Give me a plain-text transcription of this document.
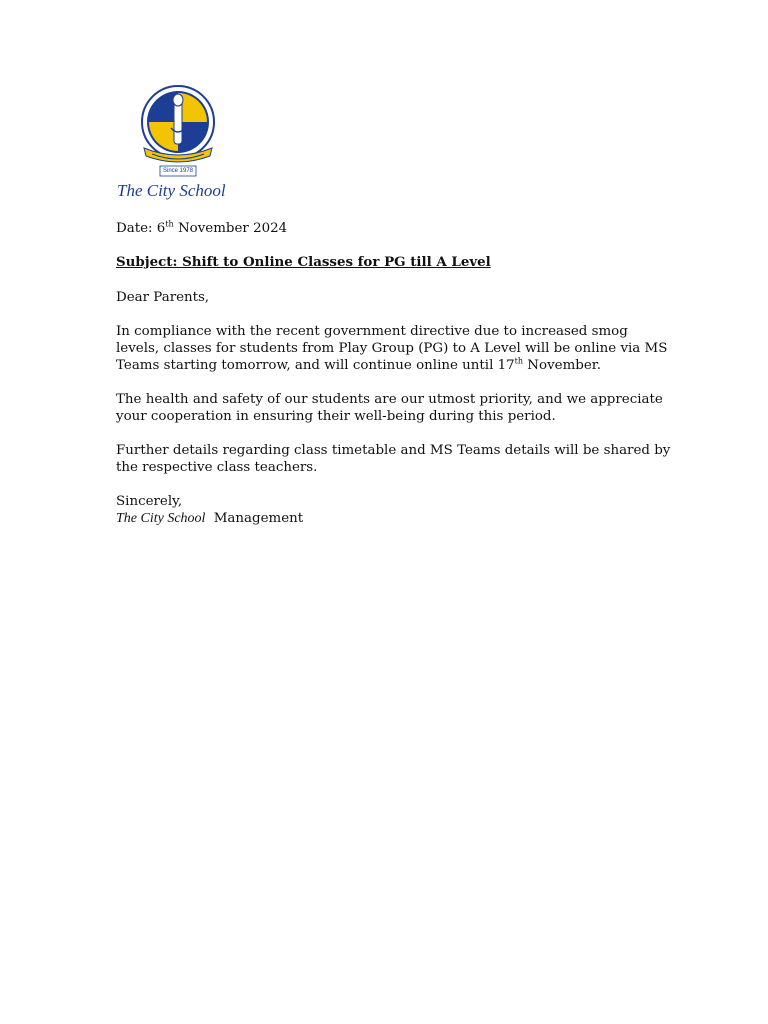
Since 1978
The City School
Date: 6th November 2024
Subject: Shift to Online Classes for PG till A Level
Dear Parents,
In compliance with the recent government directive due to increased smog
levels, classes for students from Play Group (PG) to A Level will be online via MS
Teams starting tomorrow, and will continue online until 17th November.
The health and safety of our students are our utmost priority, and we appreciate
your cooperation in ensuring their well-being during this period.
Further details regarding class timetable and MS Teams details will be shared by
the respective class teachers.
Sincerely,
The City School Management
